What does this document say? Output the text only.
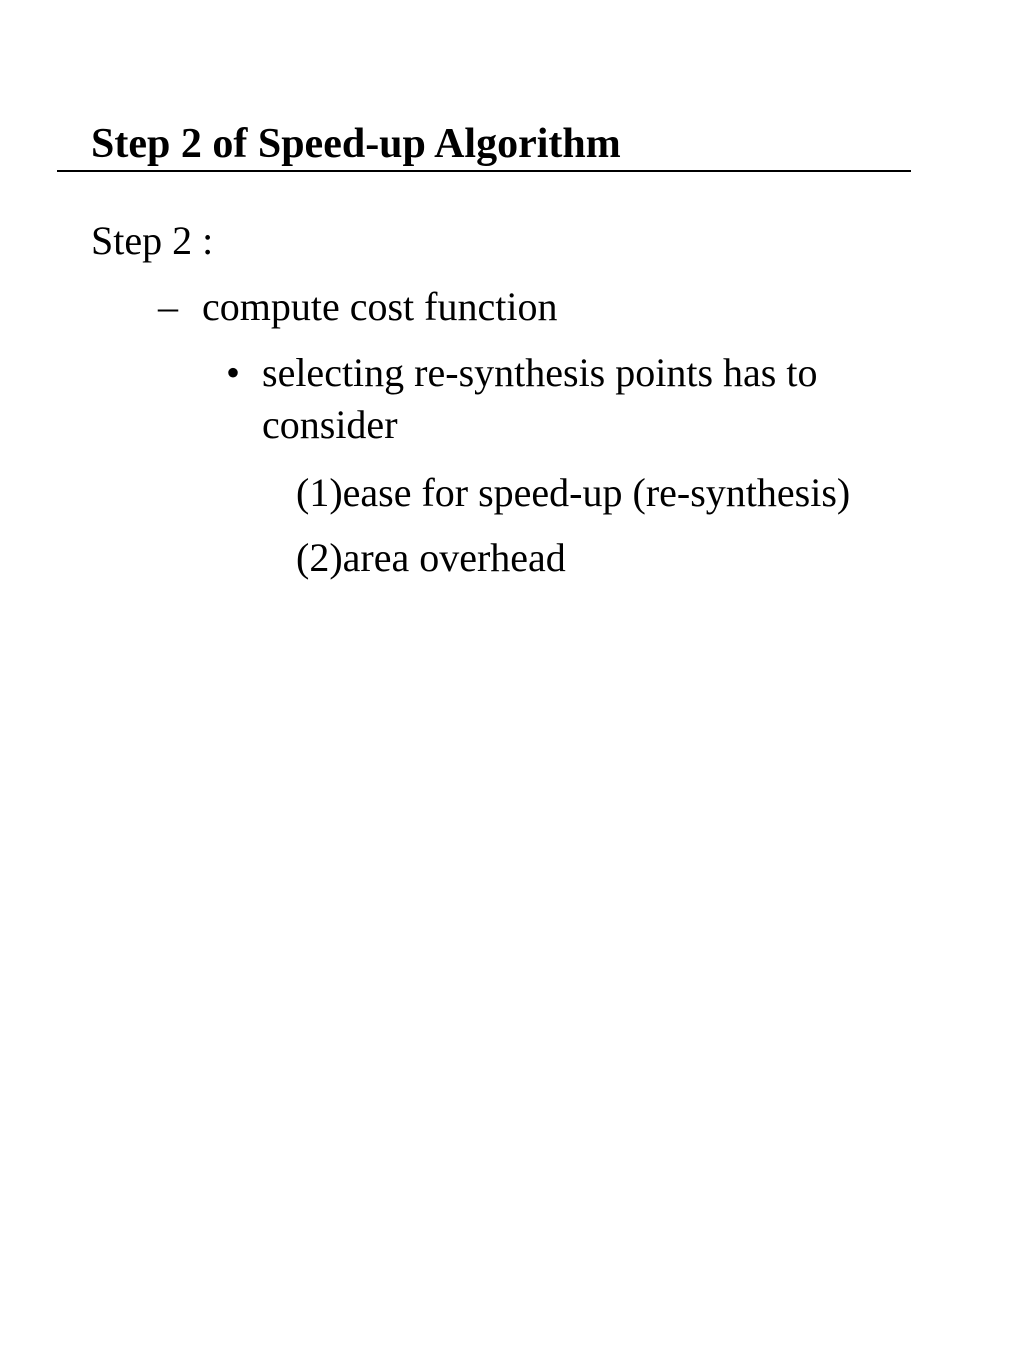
Step 2 of Speed-up Algorithm
Step 2 :
– compute cost function
• selecting re-synthesis points has to consider
(1)ease for speed-up (re-synthesis)
(2)area overhead
